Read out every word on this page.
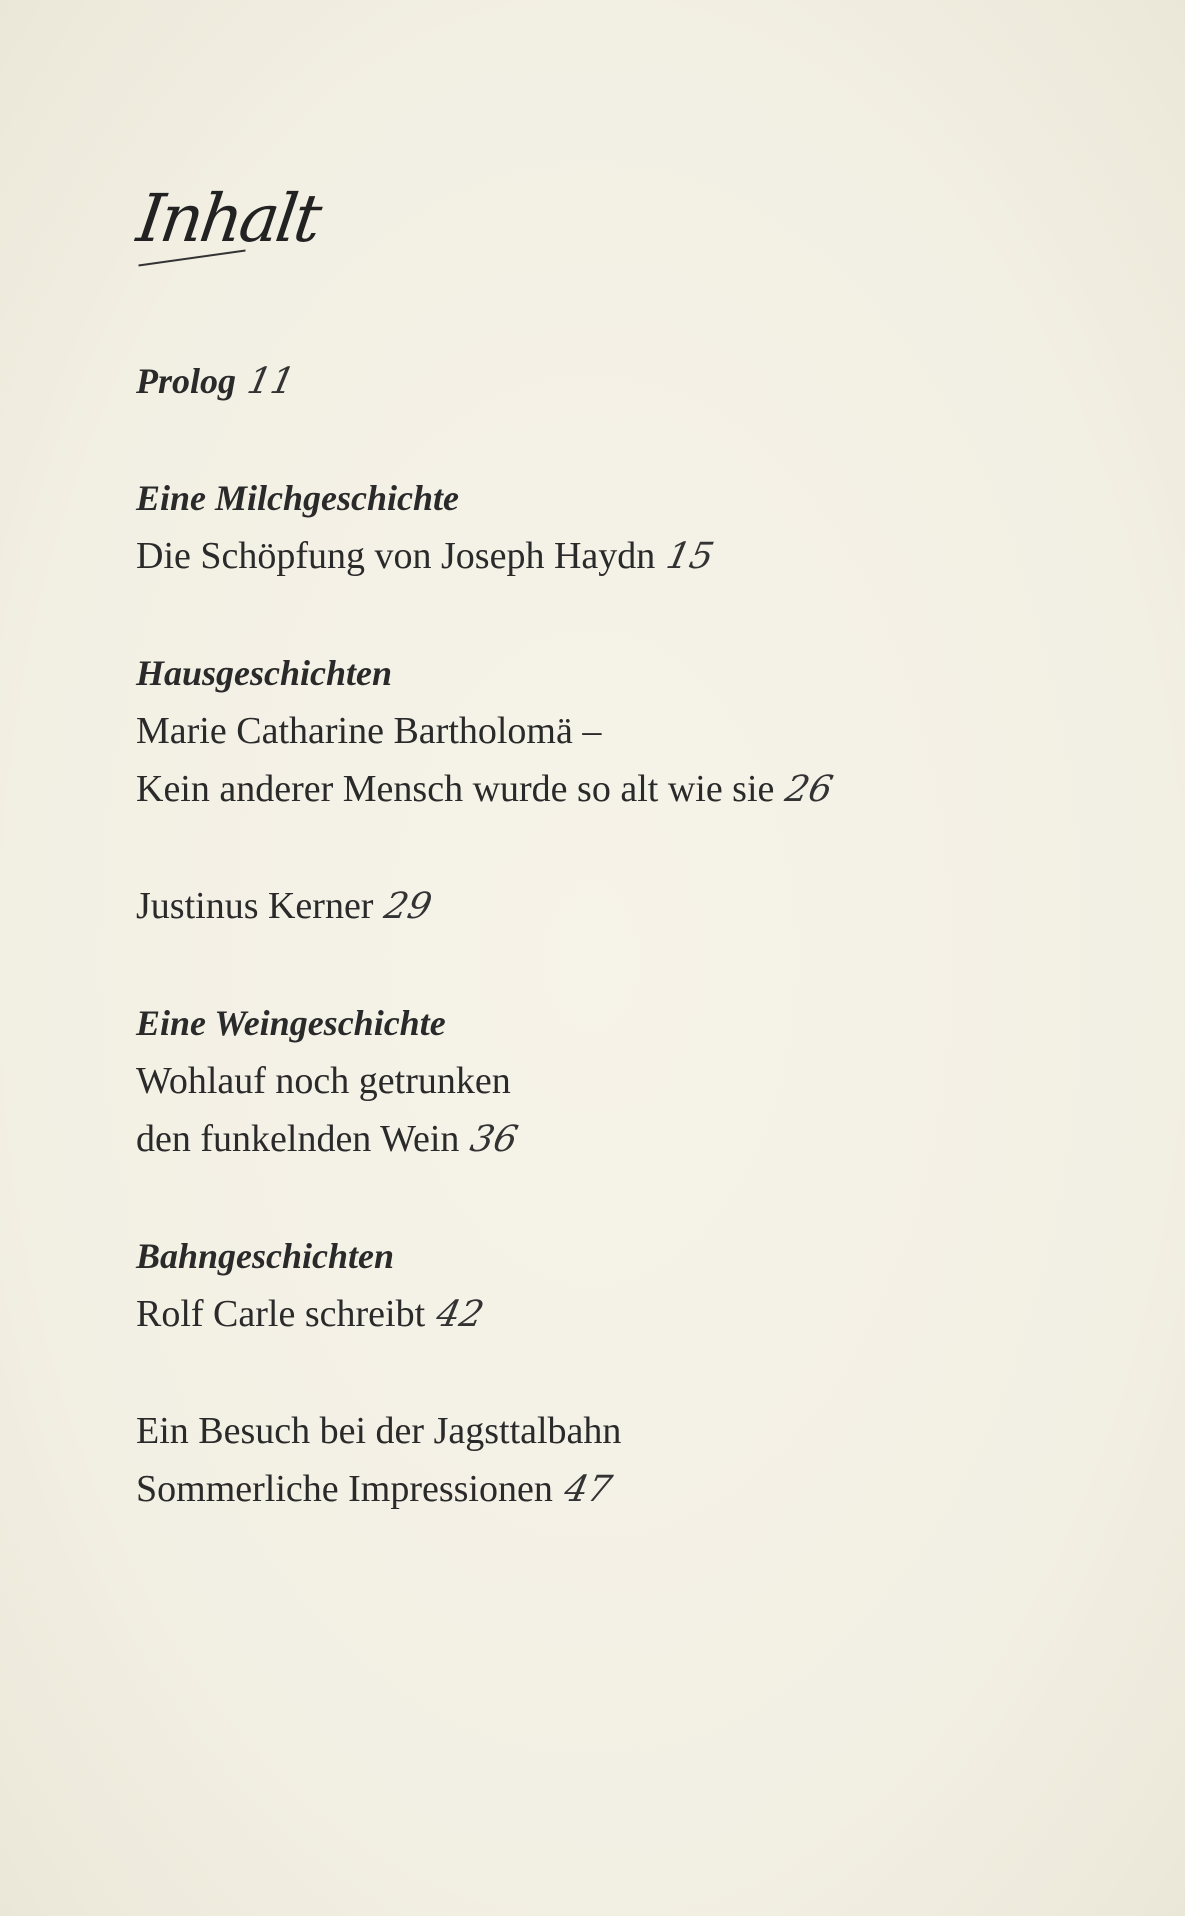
Inhalt
Prolog 11
Eine Milchgeschichte
Die Schöpfung von Joseph Haydn 15
Hausgeschichten
Marie Catharine Bartholomä –
Kein anderer Mensch wurde so alt wie sie 26
Justinus Kerner 29
Eine Weingeschichte
Wohlauf noch getrunken
den funkelnden Wein 36
Bahngeschichten
Rolf Carle schreibt 42
Ein Besuch bei der Jagsttalbahn
Sommerliche Impressionen 47
